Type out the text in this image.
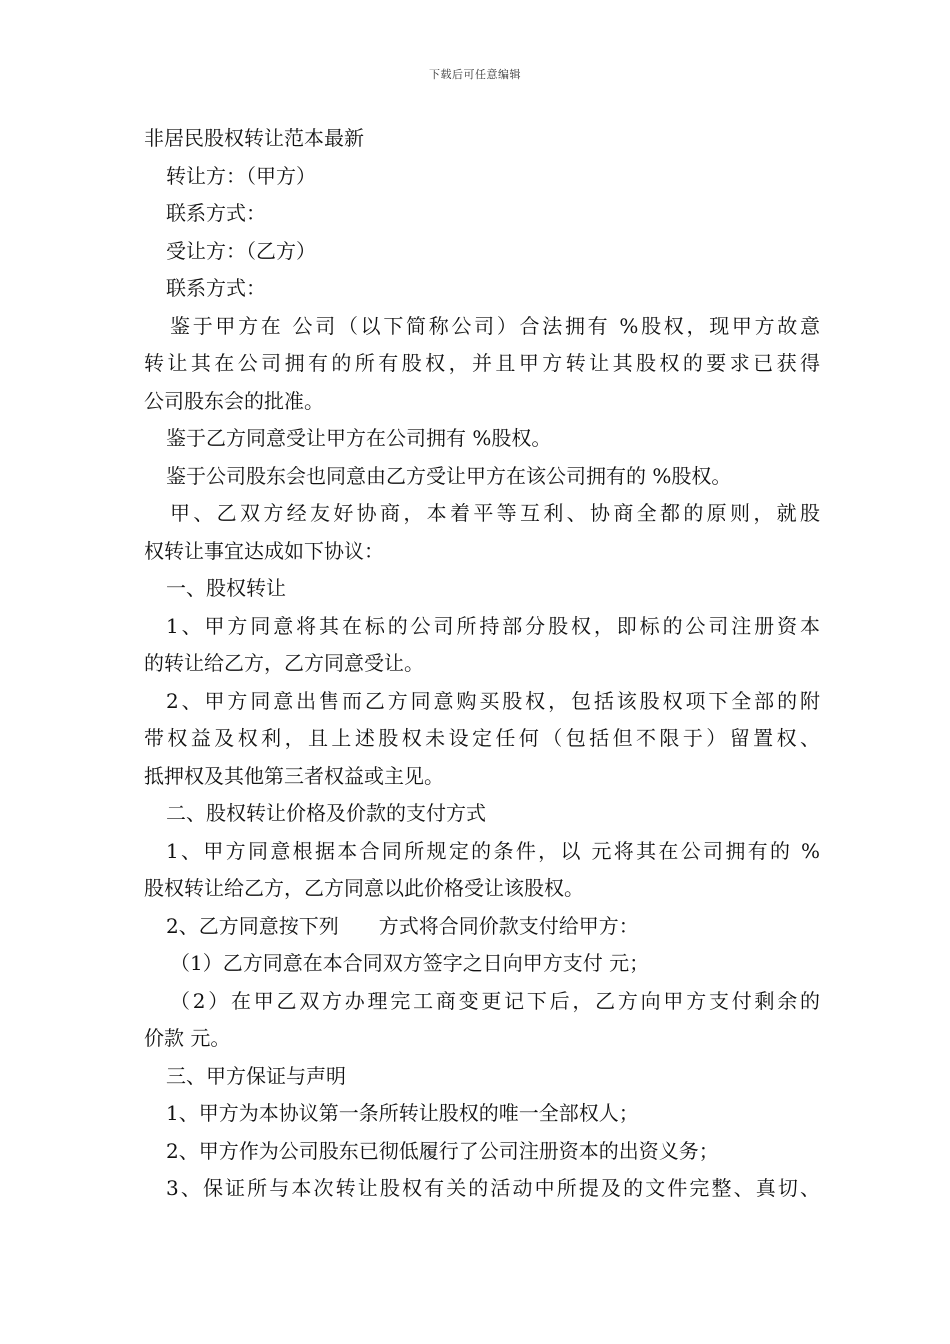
下载后可任意编辑
非居民股权转让范本最新
转让方：（甲方）
联系方式：
受让方：（乙方）
联系方式：
鉴于甲方在 公司（以下简称公司）合法拥有 %股权，现甲方故意
转让其在公司拥有的所有股权，并且甲方转让其股权的要求已获得
公司股东会的批准。
鉴于乙方同意受让甲方在公司拥有 %股权。
鉴于公司股东会也同意由乙方受让甲方在该公司拥有的 %股权。
甲、乙双方经友好协商，本着平等互利、协商全都的原则，就股
权转让事宜达成如下协议：
一、股权转让
1、甲方同意将其在标的公司所持部分股权，即标的公司注册资本
的转让给乙方，乙方同意受让。
2、甲方同意出售而乙方同意购买股权，包括该股权项下全部的附
带权益及权利，且上述股权未设定任何（包括但不限于）留置权、
抵押权及其他第三者权益或主见。
二、股权转让价格及价款的支付方式
1、甲方同意根据本合同所规定的条件，以 元将其在公司拥有的 %
股权转让给乙方，乙方同意以此价格受让该股权。
2、乙方同意按下列　　方式将合同价款支付给甲方：
（1）乙方同意在本合同双方签字之日向甲方支付 元；
（2）在甲乙双方办理完工商变更记下后，乙方向甲方支付剩余的
价款 元。
三、甲方保证与声明
1、甲方为本协议第一条所转让股权的唯一全部权人；
2、甲方作为公司股东已彻低履行了公司注册资本的出资义务；
3、保证所与本次转让股权有关的活动中所提及的文件完整、真切、
